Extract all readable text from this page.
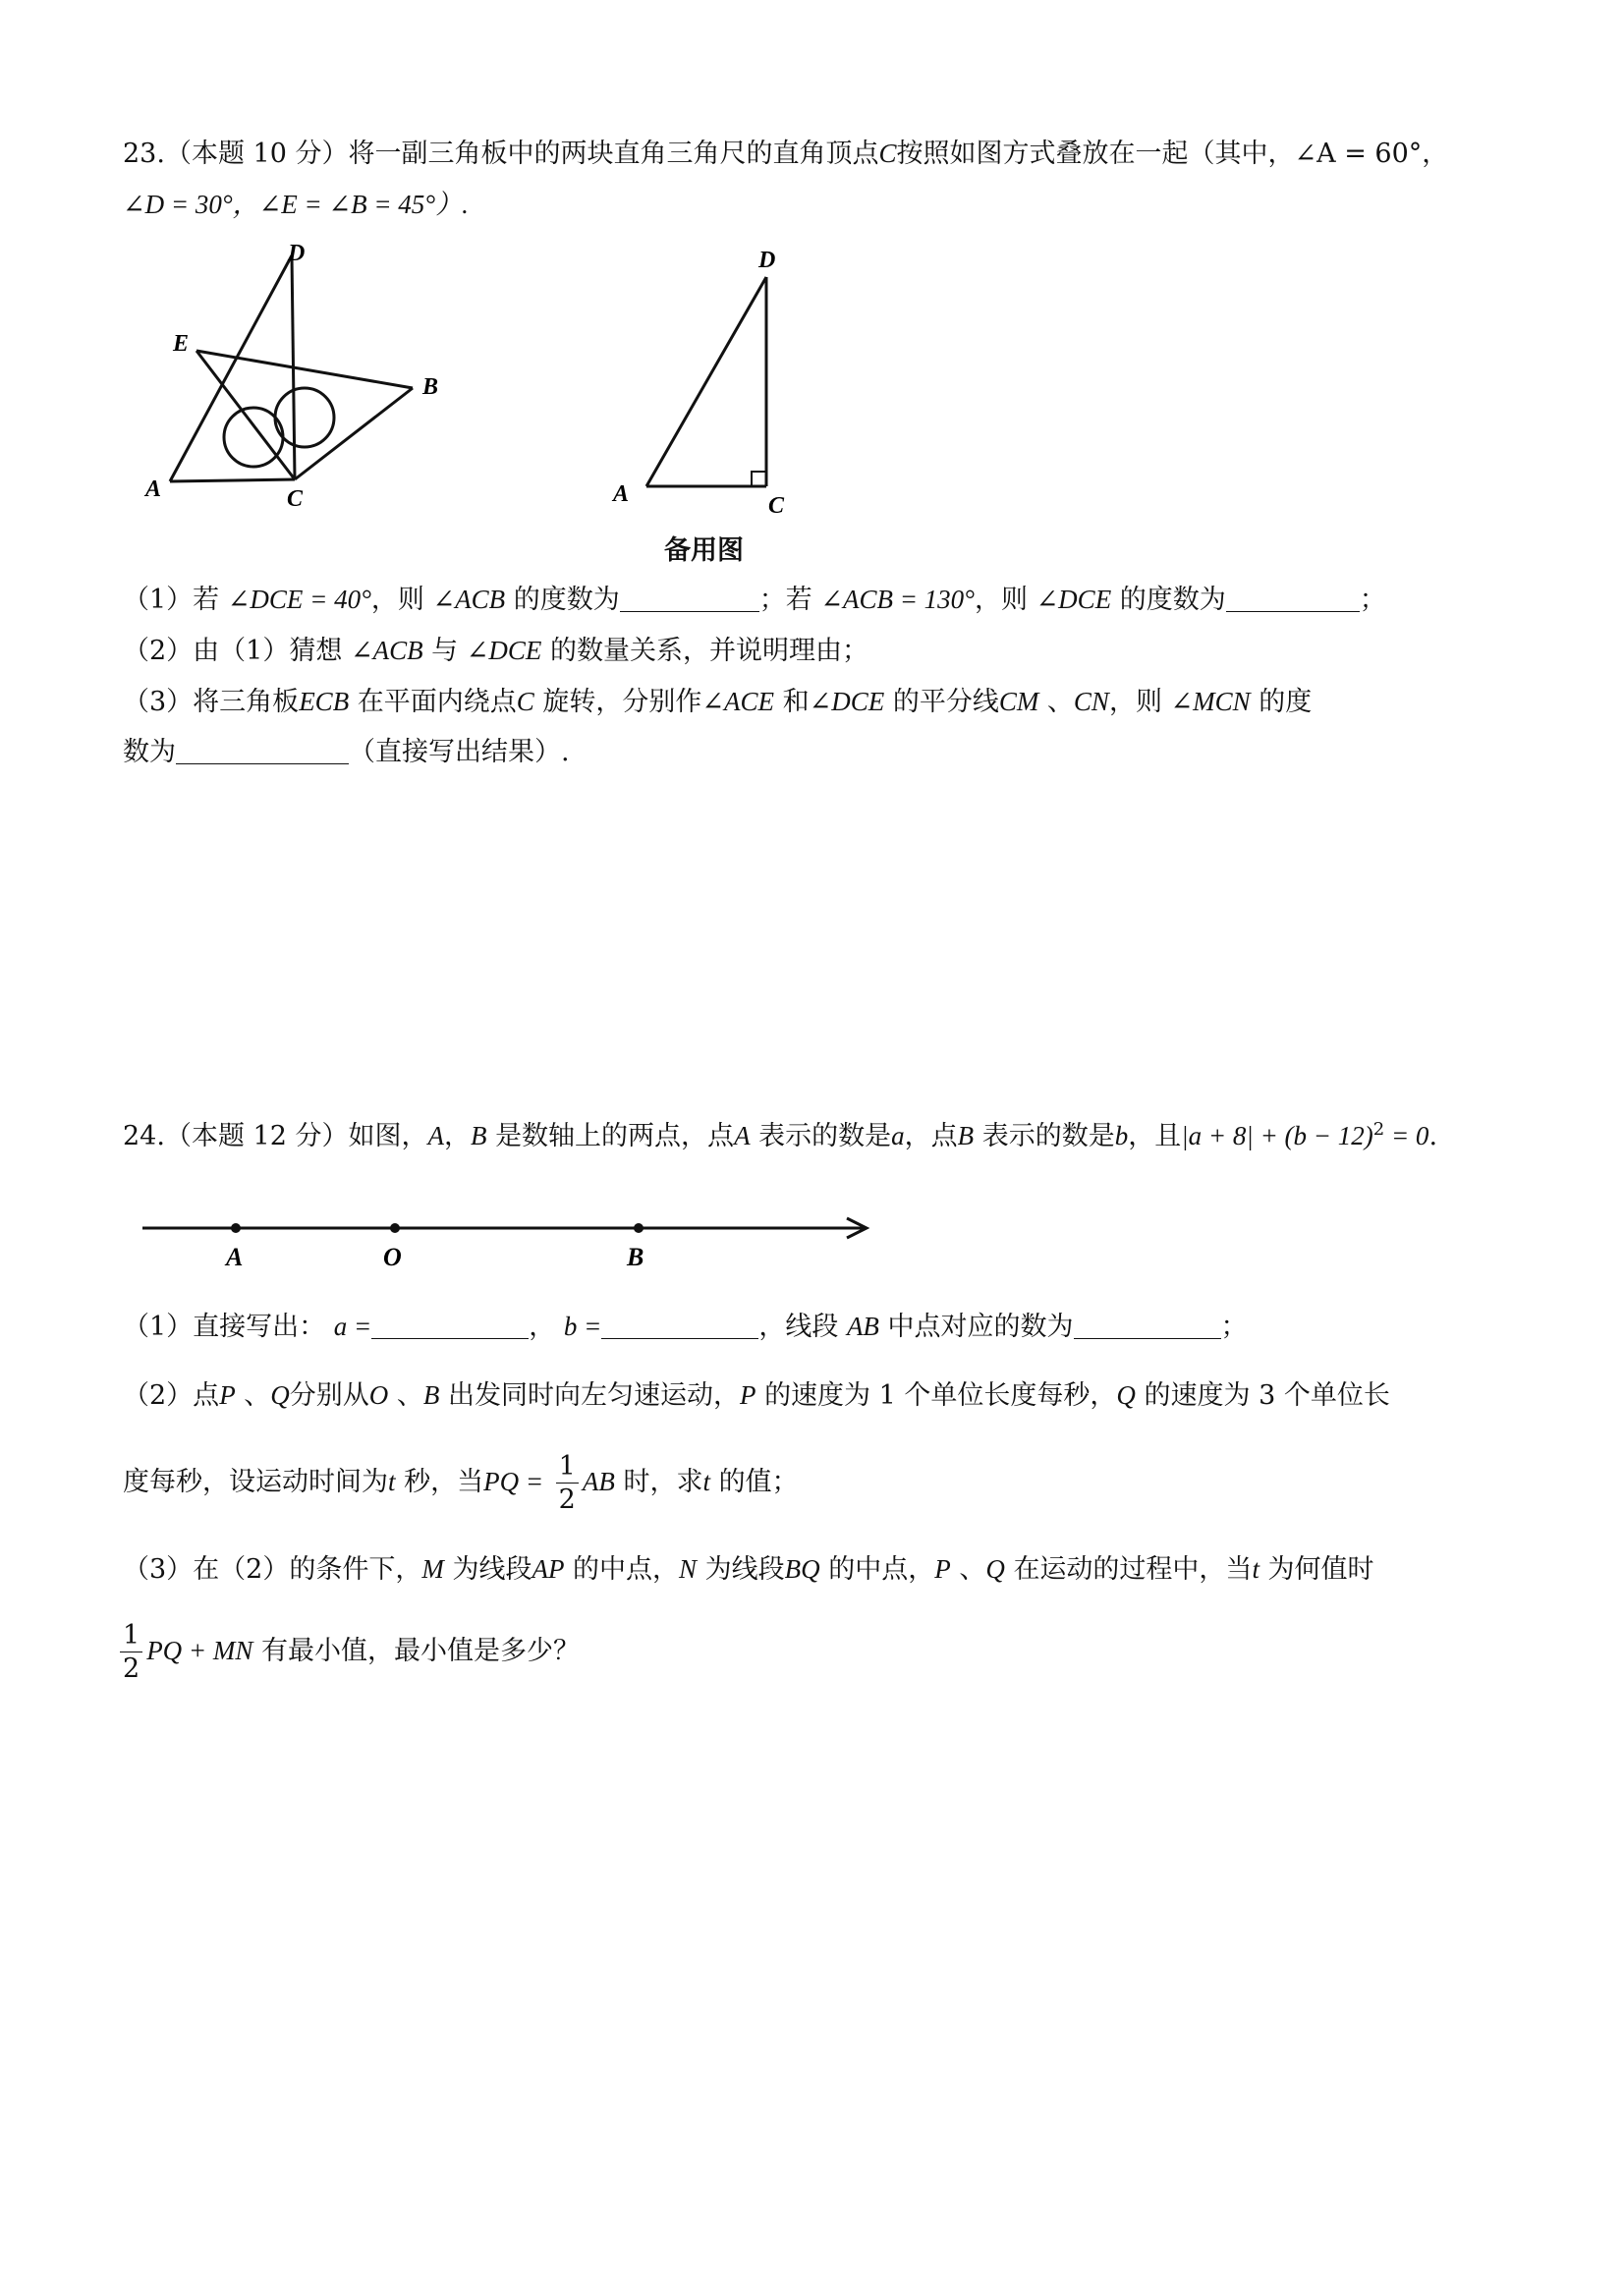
23.（本题 10 分）将一副三角板中的两块直角三角尺的直角顶点C按照如图方式叠放在一起（其中，∠A = 60°，
∠D = 30°，∠E = ∠B = 45°）.
D
E
B
A	C
D
A	C
备用图
（1）若 ∠DCE = 40°，则 ∠ACB 的度数为	；若 ∠ACB = 130°，则 ∠DCE 的度数为	；
（2）由（1）猜想 ∠ACB 与 ∠DCE 的数量关系，并说明理由；
（3）将三角板ECB 在平面内绕点C 旋转，分别作∠ACE 和∠DCE 的平分线CM 、CN，则 ∠MCN 的度
数为	（直接写出结果）.
24.（本题 12 分）如图，A，B 是数轴上的两点，点A 表示的数是a，点B 表示的数是b，且$|a + 8| + (b - 12)^2 = 0$.
A	O	B
（1）直接写出： a =	， b =	，线段 AB 中点对应的数为	；
（2）点P 、Q分别从O 、B 出发同时向左匀速运动，P 的速度为 1 个单位长度每秒，Q 的速度为 3 个单位长
度每秒，设运动时间为t 秒，当PQ = $\frac{1}{2}$ AB 时，求t 的值；
（3）在（2）的条件下，M 为线段AP 的中点，N 为线段BQ 的中点，P 、Q 在运动的过程中，当t 为何值时
$\frac{1}{2}$ PQ + MN 有最小值，最小值是多少？
